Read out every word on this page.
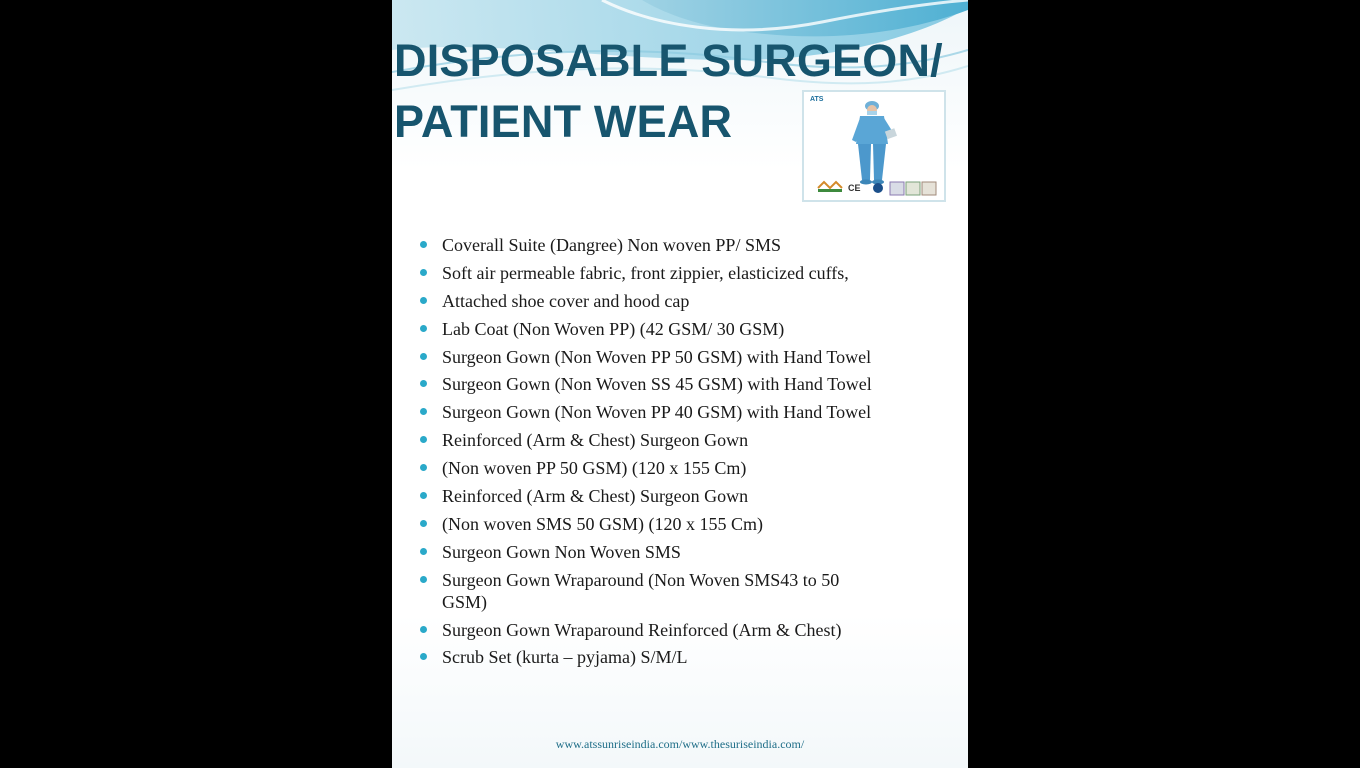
DISPOSABLE SURGEON/
PATIENT WEAR	ATS
CE
Coverall Suite (Dangree) Non woven PP/ SMS
Soft air permeable fabric, front zippier, elasticized cuffs,
Attached shoe cover and hood cap
Lab Coat (Non Woven PP) (42 GSM/ 30 GSM)
Surgeon Gown (Non Woven PP 50 GSM) with Hand Towel
Surgeon Gown (Non Woven SS 45 GSM) with Hand Towel
Surgeon Gown (Non Woven PP 40 GSM) with Hand Towel
Reinforced (Arm & Chest) Surgeon Gown
(Non woven PP 50 GSM) (120 x 155 Cm)
Reinforced (Arm & Chest) Surgeon Gown
(Non woven SMS 50 GSM) (120 x 155 Cm)
Surgeon Gown Non Woven SMS
Surgeon Gown Wraparound (Non Woven SMS43 to 50 GSM)
Surgeon Gown Wraparound Reinforced (Arm & Chest)
Scrub Set (kurta – pyjama) S/M/L
www.atssunriseindia.com/www.thesuriseindia.com/
